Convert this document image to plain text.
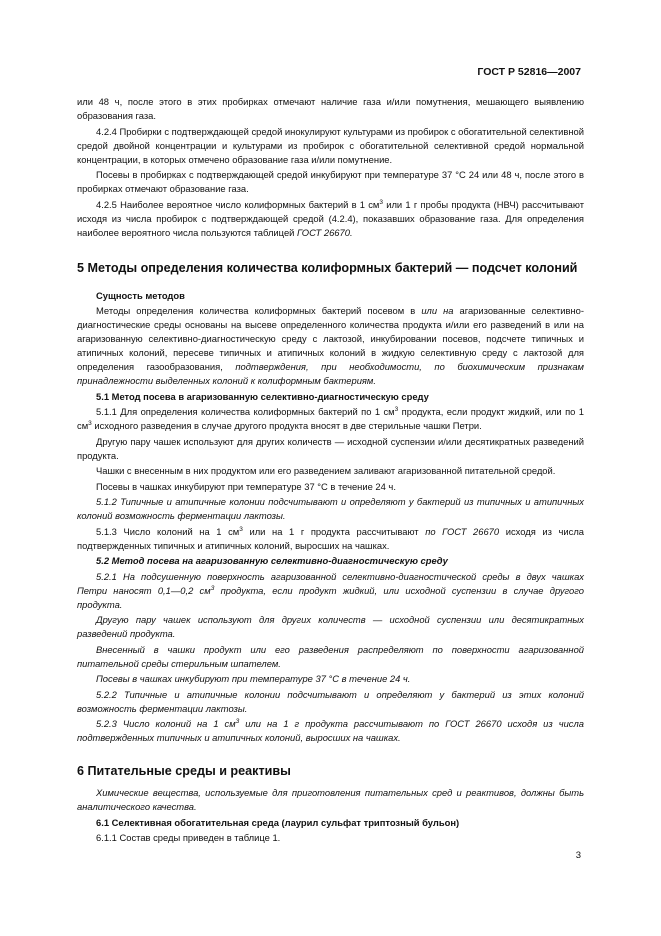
ГОСТ Р 52816—2007

или 48 ч, после этого в этих пробирках отмечают наличие газа и/или помутнения, мешающего выявлению образования газа.

4.2.4 Пробирки с подтверждающей средой инокулируют культурами из пробирок с обогатительной селективной средой двойной концентрации и культурами из пробирок с обогатительной селективной средой нормальной концентрации, в которых отмечено образование газа и/или помутнение.

Посевы в пробирках с подтверждающей средой инкубируют при температуре 37 °С 24 или 48 ч, после этого в пробирках отмечают образование газа.

4.2.5 Наиболее вероятное число колиформных бактерий в 1 $см^3$ или 1 г пробы продукта (НВЧ) рассчитывают исходя из числа пробирок с подтверждающей средой (4.2.4), показавших образование газа. Для определения наиболее вероятного числа пользуются таблицей ГОСТ 26670.

5 Методы определения количества колиформных бактерий — подсчет колоний

Сущность методов

Методы определения количества колиформных бактерий посевом в или на агаризованные селективно-диагностические среды основаны на высеве определенного количества продукта и/или его разведений в или на агаризованную селективно-диагностическую среду с лактозой, инкубировании посевов, подсчете типичных и атипичных колоний, пересеве типичных и атипичных колоний в жидкую селективную среду с лактозой для определения газообразования, подтверждения, при необходимости, по биохимическим признакам принадлежности выделенных колоний к колиформным бактериям.

5.1 Метод посева в агаризованную селективно-диагностическую среду

5.1.1 Для определения количества колиформных бактерий по 1 $см^3$ продукта, если продукт жидкий, или по 1 $см^3$ исходного разведения в случае другого продукта вносят в две стерильные чашки Петри.

Другую пару чашек используют для других количеств — исходной суспензии и/или десятикратных разведений продукта.

Чашки с внесенным в них продуктом или его разведением заливают агаризованной питательной средой.

Посевы в чашках инкубируют при температуре 37 °С в течение 24 ч.

5.1.2 Типичные и атипичные колонии подсчитывают и определяют у бактерий из типичных и атипичных колоний возможность ферментации лактозы.

5.1.3 Число колоний на 1 $см^3$ или на 1 г продукта рассчитывают по ГОСТ 26670 исходя из числа подтвержденных типичных и атипичных колоний, выросших на чашках.

5.2 Метод посева на агаризованную селективно-диагностическую среду

5.2.1 На подсушенную поверхность агаризованной селективно-диагностической среды в двух чашках Петри наносят 0,1—0,2 $см^3$ продукта, если продукт жидкий, или исходной суспензии в случае другого продукта.

Другую пару чашек используют для других количеств — исходной суспензии или десятикратных разведений продукта.

Внесенный в чашки продукт или его разведения распределяют по поверхности агаризованной питательной среды стерильным шпателем.

Посевы в чашках инкубируют при температуре 37 °С в течение 24 ч.

5.2.2 Типичные и атипичные колонии подсчитывают и определяют у бактерий из этих колоний возможность ферментации лактозы.

5.2.3 Число колоний на 1 $см^3$ или на 1 г продукта рассчитывают по ГОСТ 26670 исходя из числа подтвержденных типичных и атипичных колоний, выросших на чашках.

6 Питательные среды и реактивы

Химические вещества, используемые для приготовления питательных сред и реактивов, должны быть аналитического качества.

6.1 Селективная обогатительная среда (лаурил сульфат триптозный бульон)

6.1.1 Состав среды приведен в таблице 1.

3
